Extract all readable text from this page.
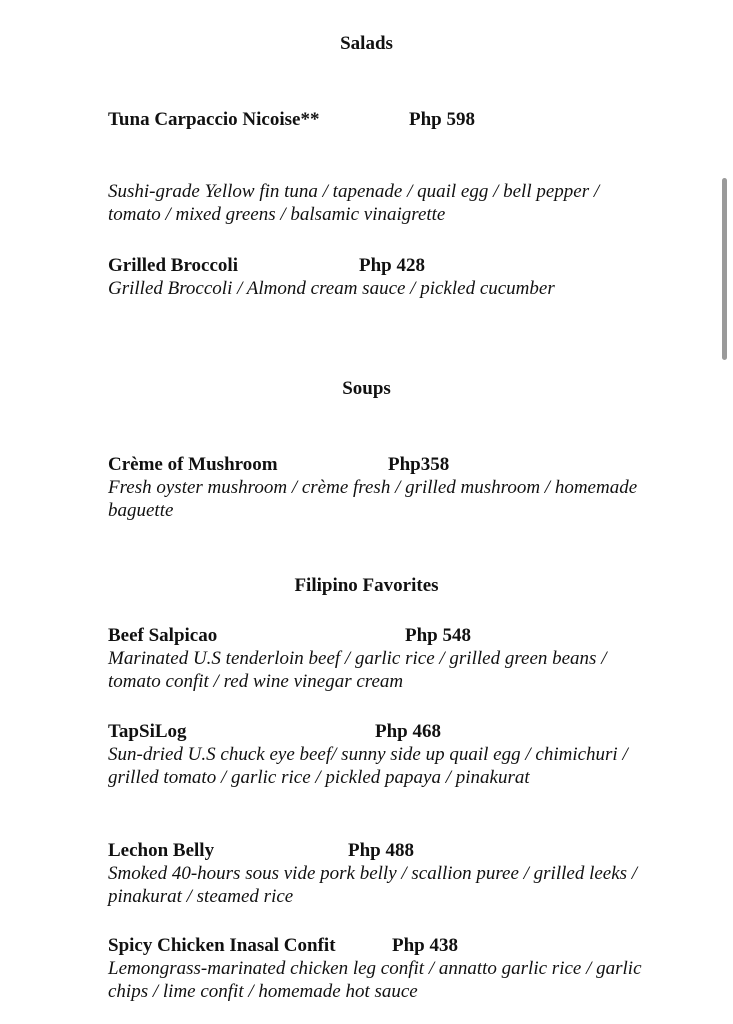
Salads
Tuna Carpaccio Nicoise**	Php 598
Sushi-grade Yellow fin tuna / tapenade / quail egg / bell pepper / tomato / mixed greens / balsamic vinaigrette
Grilled Broccoli	Php 428
Grilled Broccoli / Almond cream sauce / pickled cucumber
Soups
Crème of Mushroom	Php358
Fresh oyster mushroom / crème fresh / grilled mushroom / homemade baguette
Filipino Favorites
Beef Salpicao	Php 548
Marinated U.S tenderloin beef / garlic rice / grilled green beans / tomato confit / red wine vinegar cream
TapSiLog	Php 468
Sun-dried U.S chuck eye beef/ sunny side up quail egg / chimichuri / grilled tomato / garlic rice / pickled papaya / pinakurat
Lechon Belly	Php 488
Smoked 40-hours sous vide pork belly / scallion puree / grilled leeks / pinakurat / steamed rice
Spicy Chicken Inasal Confit	Php 438
Lemongrass-marinated chicken leg confit / annatto garlic rice / garlic chips / lime confit / homemade hot sauce
